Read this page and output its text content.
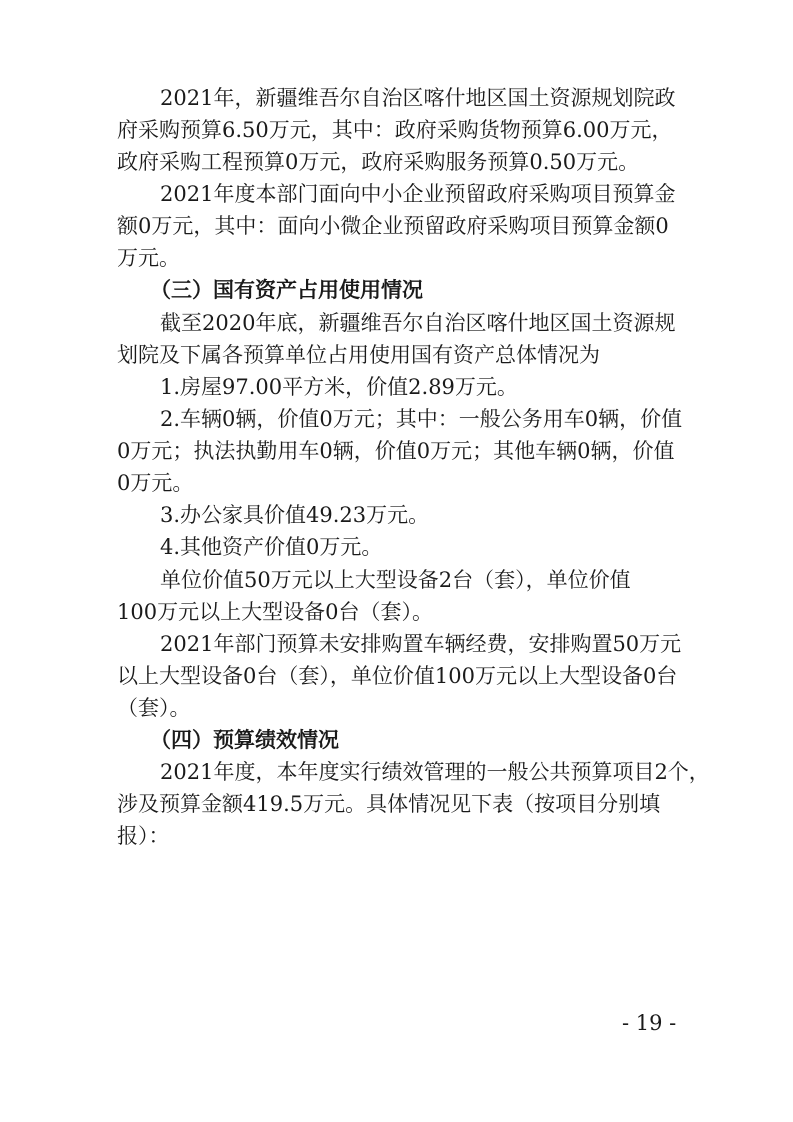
2021年，新疆维吾尔自治区喀什地区国土资源规划院政
府采购预算6.50万元，其中：政府采购货物预算6.00万元，
政府采购工程预算0万元，政府采购服务预算0.50万元。
2021年度本部门面向中小企业预留政府采购项目预算金
额0万元，其中：面向小微企业预留政府采购项目预算金额0
万元。
（三）国有资产占用使用情况
截至2020年底，新疆维吾尔自治区喀什地区国土资源规
划院及下属各预算单位占用使用国有资产总体情况为
1.房屋97.00平方米，价值2.89万元。
2.车辆0辆，价值0万元；其中：一般公务用车0辆，价值
0万元；执法执勤用车0辆，价值0万元；其他车辆0辆，价值
0万元。
3.办公家具价值49.23万元。
4.其他资产价值0万元。
单位价值50万元以上大型设备2台（套），单位价值
100万元以上大型设备0台（套）。
2021年部门预算未安排购置车辆经费，安排购置50万元
以上大型设备0台（套），单位价值100万元以上大型设备0台
（套）。
（四）预算绩效情况
2021年度，本年度实行绩效管理的一般公共预算项目2个，
涉及预算金额419.5万元。具体情况见下表（按项目分别填
报）：
- 19 -
